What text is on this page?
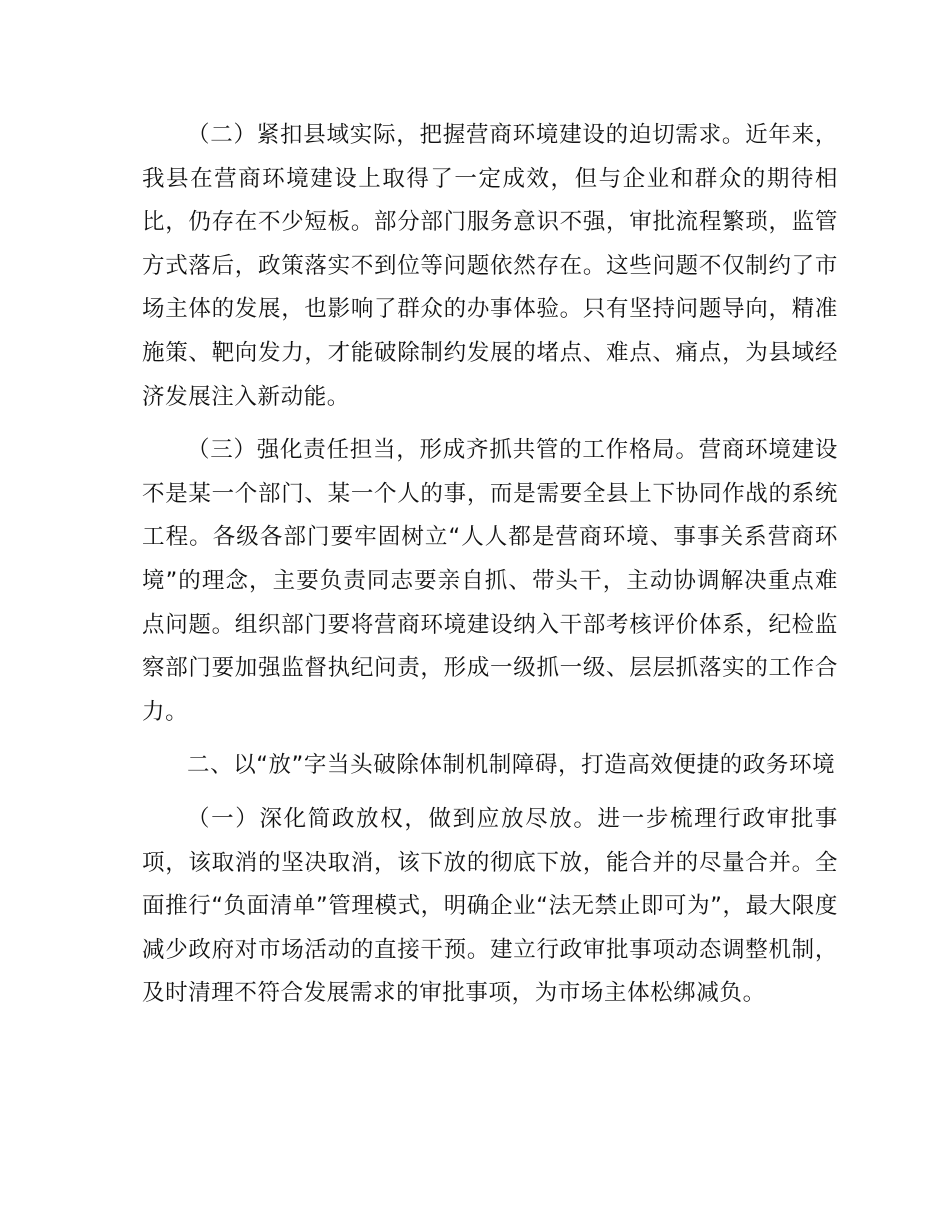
（二）紧扣县域实际，把握营商环境建设的迫切需求。近年来，我县在营商环境建设上取得了一定成效，但与企业和群众的期待相比，仍存在不少短板。部分部门服务意识不强，审批流程繁琐，监管方式落后，政策落实不到位等问题依然存在。这些问题不仅制约了市场主体的发展，也影响了群众的办事体验。只有坚持问题导向，精准施策、靶向发力，才能破除制约发展的堵点、难点、痛点，为县域经济发展注入新动能。

（三）强化责任担当，形成齐抓共管的工作格局。营商环境建设不是某一个部门、某一个人的事，而是需要全县上下协同作战的系统工程。各级各部门要牢固树立“人人都是营商环境、事事关系营商环境”的理念，主要负责同志要亲自抓、带头干，主动协调解决重点难点问题。组织部门要将营商环境建设纳入干部考核评价体系，纪检监察部门要加强监督执纪问责，形成一级抓一级、层层抓落实的工作合力。

二、以“放”字当头破除体制机制障碍，打造高效便捷的政务环境

（一）深化简政放权，做到应放尽放。进一步梳理行政审批事项，该取消的坚决取消，该下放的彻底下放，能合并的尽量合并。全面推行“负面清单”管理模式，明确企业“法无禁止即可为”，最大限度减少政府对市场活动的直接干预。建立行政审批事项动态调整机制，及时清理不符合发展需求的审批事项，为市场主体松绑减负。
